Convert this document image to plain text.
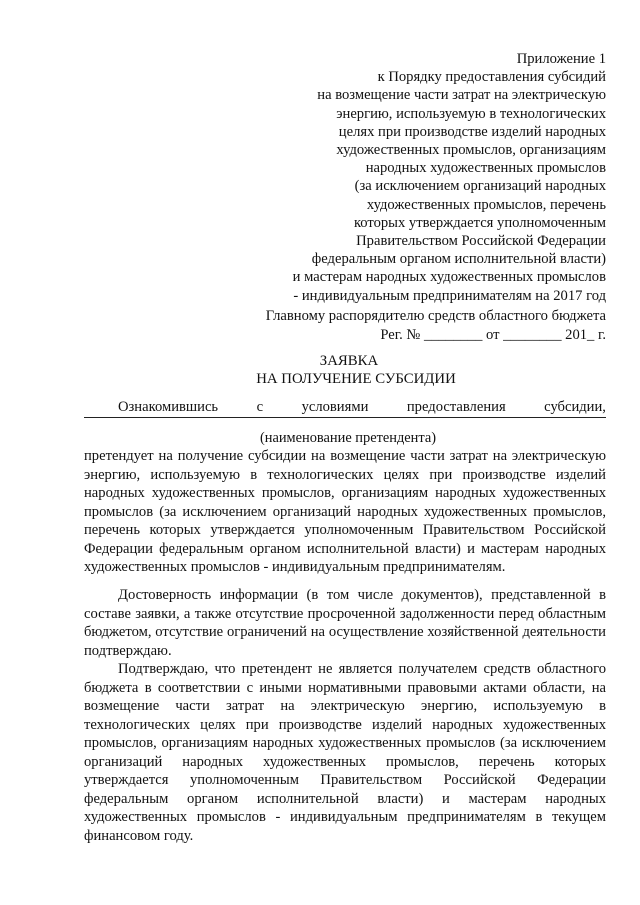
Приложение 1
к Порядку предоставления субсидий
на возмещение части затрат на электрическую
энергию, используемую в технологических
целях при производстве изделий народных
художественных промыслов, организациям
народных художественных промыслов
(за исключением организаций народных
художественных промыслов, перечень
которых утверждается уполномоченным
Правительством Российской Федерации
федеральным органом исполнительной власти)
и мастерам народных художественных промыслов
- индивидуальным предпринимателям на 2017 год
Главному распорядителю средств областного бюджета
Рег. № ________ от ________ 201_ г.
ЗАЯВКА
НА ПОЛУЧЕНИЕ СУБСИДИИ
Ознакомившись	с	условиями	предоставления	субсидии,
(наименование претендента)

претендует на получение субсидии на возмещение части затрат на электрическую энергию, используемую в технологических целях при производстве изделий народных художественных промыслов, организациям народных художественных промыслов (за исключением организаций народных художественных промыслов, перечень которых утверждается уполномоченным Правительством Российской Федерации федеральным органом исполнительной власти) и мастерам народных художественных промыслов - индивидуальным предпринимателям.

Достоверность информации (в том числе документов), представленной в составе заявки, а также отсутствие просроченной задолженности перед областным бюджетом, отсутствие ограничений на осуществление хозяйственной деятельности подтверждаю.

Подтверждаю, что претендент не является получателем средств областного бюджета в соответствии с иными нормативными правовыми актами области, на возмещение части затрат на электрическую энергию, используемую в технологических целях при производстве изделий народных художественных промыслов, организациям народных художественных промыслов (за исключением организаций народных художественных промыслов, перечень которых утверждается уполномоченным Правительством Российской Федерации федеральным органом исполнительной власти) и мастерам народных художественных промыслов - индивидуальным предпринимателям в текущем финансовом году.
